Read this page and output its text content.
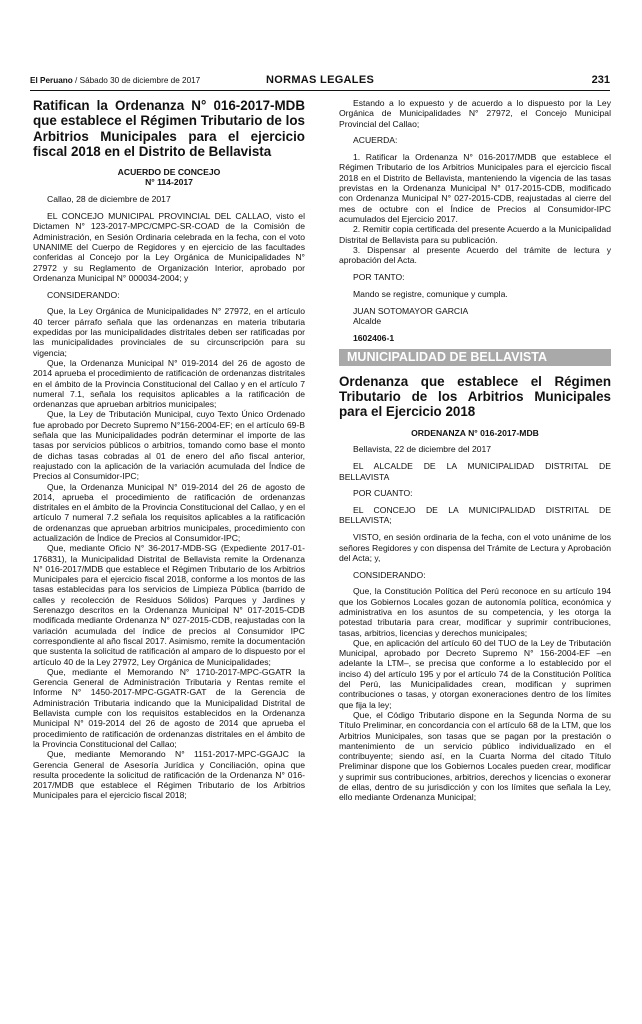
El Peruano / Sábado 30 de diciembre de 2017	NORMAS LEGALES	231

Ratifican la Ordenanza N° 016-2017-MDB que establece el Régimen Tributario de los Arbitrios Municipales para el ejercicio fiscal 2018 en el Distrito de Bellavista

ACUERDO DE CONCEJO

N° 114-2017

Callao, 28 de diciembre de 2017

EL CONCEJO MUNICIPAL PROVINCIAL DEL CALLAO, visto el Dictamen N° 123-2017-MPC/CMPC-SR-COAD de la Comisión de Administración, en Sesión Ordinaria celebrada en la fecha, con el voto UNANIME del Cuerpo de Regidores y en ejercicio de las facultades conferidas al Concejo por la Ley Orgánica de Municipalidades N° 27972 y su Reglamento de Organización Interior, aprobado por Ordenanza Municipal N° 000034-2004; y

CONSIDERANDO:

Que, la Ley Orgánica de Municipalidades N° 27972, en el artículo 40 tercer párrafo señala que las ordenanzas en materia tributaria expedidas por las municipalidades distritales deben ser ratificadas por las municipalidades provinciales de su circunscripción para su vigencia;

Que, la Ordenanza Municipal N° 019-2014 del 26 de agosto de 2014 aprueba el procedimiento de ratificación de ordenanzas distritales en el ámbito de la Provincia Constitucional del Callao y en el artículo 7 numeral 7.1, señala los requisitos aplicables a la ratificación de ordenanzas que aprueban arbitrios municipales;

Que, la Ley de Tributación Municipal, cuyo Texto Único Ordenado fue aprobado por Decreto Supremo N°156-2004-EF; en el artículo 69-B señala que las Municipalidades podrán determinar el importe de las tasas por servicios públicos o arbitrios, tomando como base el monto de dichas tasas cobradas al 01 de enero del año fiscal anterior, reajustado con la aplicación de la variación acumulada del Índice de Precios al Consumidor-IPC;

Que, la Ordenanza Municipal N° 019-2014 del 26 de agosto de 2014, aprueba el procedimiento de ratificación de ordenanzas distritales en el ámbito de la Provincia Constitucional del Callao, y en el artículo 7 numeral 7.2 señala los requisitos aplicables a la ratificación de ordenanzas que aprueban arbitrios municipales, procedimiento con actualización de Índice de Precios al Consumidor-IPC;

Que, mediante Oficio N° 36-2017-MDB-SG (Expediente 2017-01-176831), la Municipalidad Distrital de Bellavista remite la Ordenanza N° 016-2017/MDB que establece el Régimen Tributario de los Arbitrios Municipales para el ejercicio fiscal 2018, conforme a los montos de las tasas establecidas para los servicios de Limpieza Pública (barrido de calles y recolección de Residuos Sólidos) Parques y Jardines y Serenazgo descritos en la Ordenanza Municipal N° 017-2015-CDB modificada mediante Ordenanza N° 027-2015-CDB, reajustadas con la variación acumulada del índice de precios al Consumidor IPC correspondiente al año fiscal 2017. Asimismo, remite la documentación que sustenta la solicitud de ratificación al amparo de lo dispuesto por el artículo 40 de la Ley 27972, Ley Orgánica de Municipalidades;

Que, mediante el Memorando N° 1710-2017-MPC-GGATR la Gerencia General de Administración Tributaria y Rentas remite el Informe N° 1450-2017-MPC-GGATR-GAT de la Gerencia de Administración Tributaria indicando que la Municipalidad Distrital de Bellavista cumple con los requisitos establecidos en la Ordenanza Municipal N° 019-2014 del 26 de agosto de 2014 que aprueba el procedimiento de ratificación de ordenanzas distritales en el ámbito de la Provincia Constitucional del Callao;

Que, mediante Memorando N° 1151-2017-MPC-GGAJC la Gerencia General de Asesoría Jurídica y Conciliación, opina que resulta procedente la solicitud de ratificación de la Ordenanza N° 016-2017/MDB que establece el Régimen Tributario de los Arbitrios Municipales para el ejercicio fiscal 2018;

Estando a lo expuesto y de acuerdo a lo dispuesto por la Ley Orgánica de Municipalidades N° 27972, el Concejo Municipal Provincial del Callao;

ACUERDA:

1. Ratificar la Ordenanza N° 016-2017/MDB que establece el Régimen Tributario de los Arbitrios Municipales para el ejercicio fiscal 2018 en el Distrito de Bellavista, manteniendo la vigencia de las tasas previstas en la Ordenanza Municipal N° 017-2015-CDB, modificado con Ordenanza Municipal N° 027-2015-CDB, reajustadas al cierre del mes de octubre con el Índice de Precios al Consumidor-IPC acumulados del Ejercicio 2017.

2. Remitir copia certificada del presente Acuerdo a la Municipalidad Distrital de Bellavista para su publicación.

3. Dispensar al presente Acuerdo del trámite de lectura y aprobación del Acta.

POR TANTO:

Mando se registre, comunique y cumpla.

JUAN SOTOMAYOR GARCIA

Alcalde

1602406-1

MUNICIPALIDAD DE BELLAVISTA

Ordenanza que establece el Régimen Tributario de los Arbitrios Municipales para el Ejercicio 2018

ORDENANZA N° 016-2017-MDB

Bellavista, 22 de diciembre del 2017

EL ALCALDE DE LA MUNICIPALIDAD DISTRITAL DE BELLAVISTA

POR CUANTO:

EL CONCEJO DE LA MUNICIPALIDAD DISTRITAL DE BELLAVISTA;

VISTO, en sesión ordinaria de la fecha, con el voto unánime de los señores Regidores y con dispensa del Trámite de Lectura y Aprobación del Acta; y,

CONSIDERANDO:

Que, la Constitución Política del Perú reconoce en su artículo 194 que los Gobiernos Locales gozan de autonomía política, económica y administrativa en los asuntos de su competencia, y les otorga la potestad tributaria para crear, modificar y suprimir contribuciones, tasas, arbitrios, licencias y derechos municipales;

Que, en aplicación del artículo 60 del TUO de la Ley de Tributación Municipal, aprobado por Decreto Supremo N° 156-2004-EF –en adelante la LTM–, se precisa que conforme a lo establecido por el inciso 4) del artículo 195 y por el artículo 74 de la Constitución Política del Perú, las Municipalidades crean, modifican y suprimen contribuciones o tasas, y otorgan exoneraciones dentro de los límites que fija la ley;

Que, el Código Tributario dispone en la Segunda Norma de su Título Preliminar, en concordancia con el artículo 68 de la LTM, que los Arbitrios Municipales, son tasas que se pagan por la prestación o mantenimiento de un servicio público individualizado en el contribuyente; siendo así, en la Cuarta Norma del citado Título Preliminar dispone que los Gobiernos Locales pueden crear, modificar y suprimir sus contribuciones, arbitrios, derechos y licencias o exonerar de ellas, dentro de su jurisdicción y con los límites que señala la Ley, ello mediante Ordenanza Municipal;
